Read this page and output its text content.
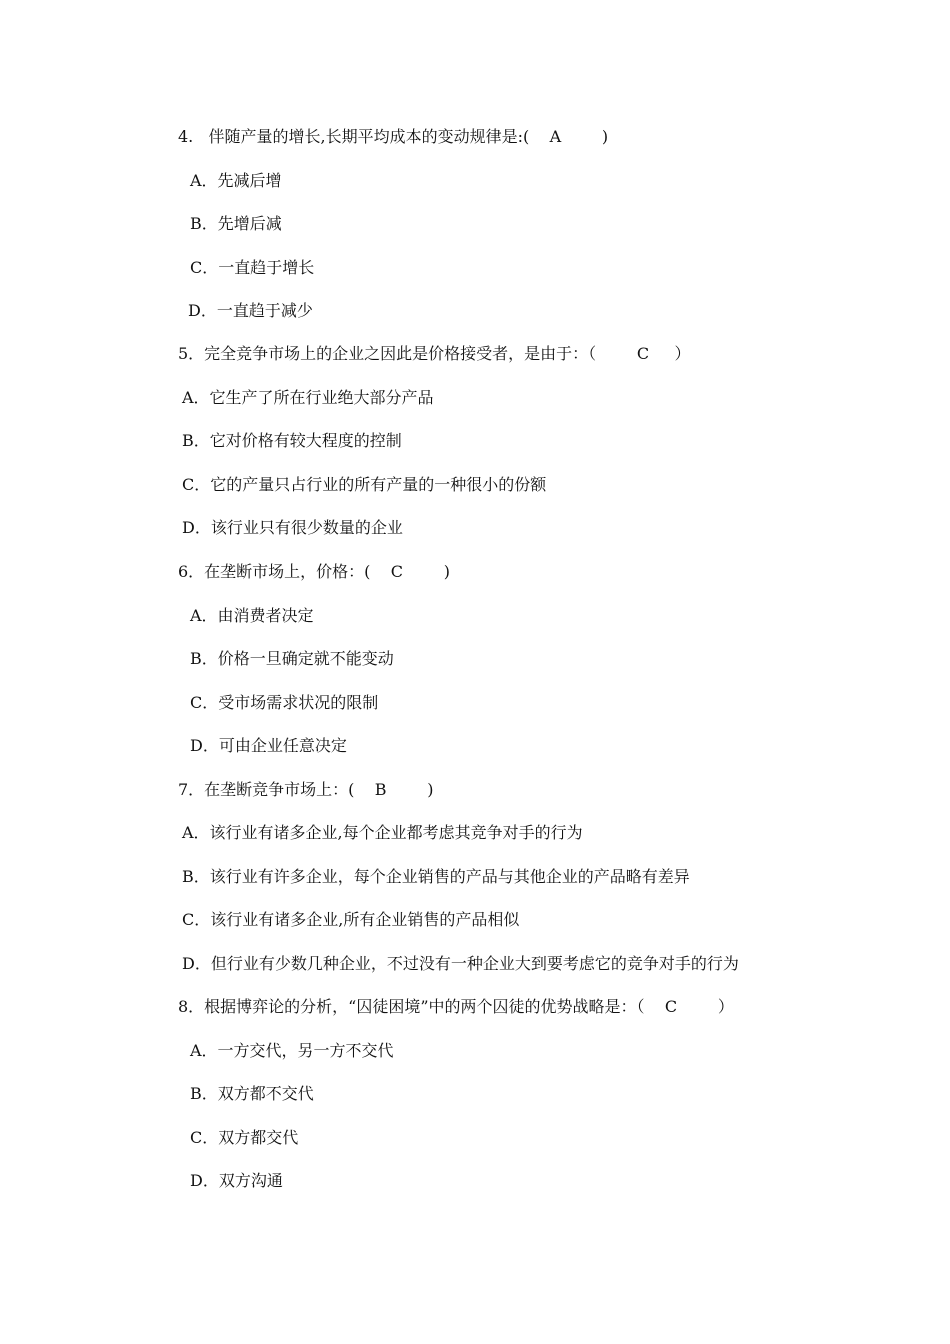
4.   伴随产量的增长,长期平均成本的变动规律是:(    A        )
A．先减后增
B．先增后减
C．一直趋于增长
D．一直趋于减少
5．完全竞争市场上的企业之因此是价格接受者，是由于：（        C     ）
A．它生产了所在行业绝大部分产品
B．它对价格有较大程度的控制
C．它的产量只占行业的所有产量的一种很小的份额
D．该行业只有很少数量的企业
6．在垄断市场上，价格：(    C        )
A．由消费者决定
B．价格一旦确定就不能变动
C．受市场需求状况的限制
D．可由企业任意决定
7．在垄断竞争市场上：(    B        )
A．该行业有诸多企业,每个企业都考虑其竞争对手的行为
B．该行业有许多企业，每个企业销售的产品与其他企业的产品略有差异
C．该行业有诸多企业,所有企业销售的产品相似
D．但行业有少数几种企业，不过没有一种企业大到要考虑它的竞争对手的行为
8．根据博弈论的分析，“囚徒困境”中的两个囚徒的优势战略是：（    C        ）
A．一方交代，另一方不交代
B．双方都不交代
C．双方都交代
D．双方沟通
